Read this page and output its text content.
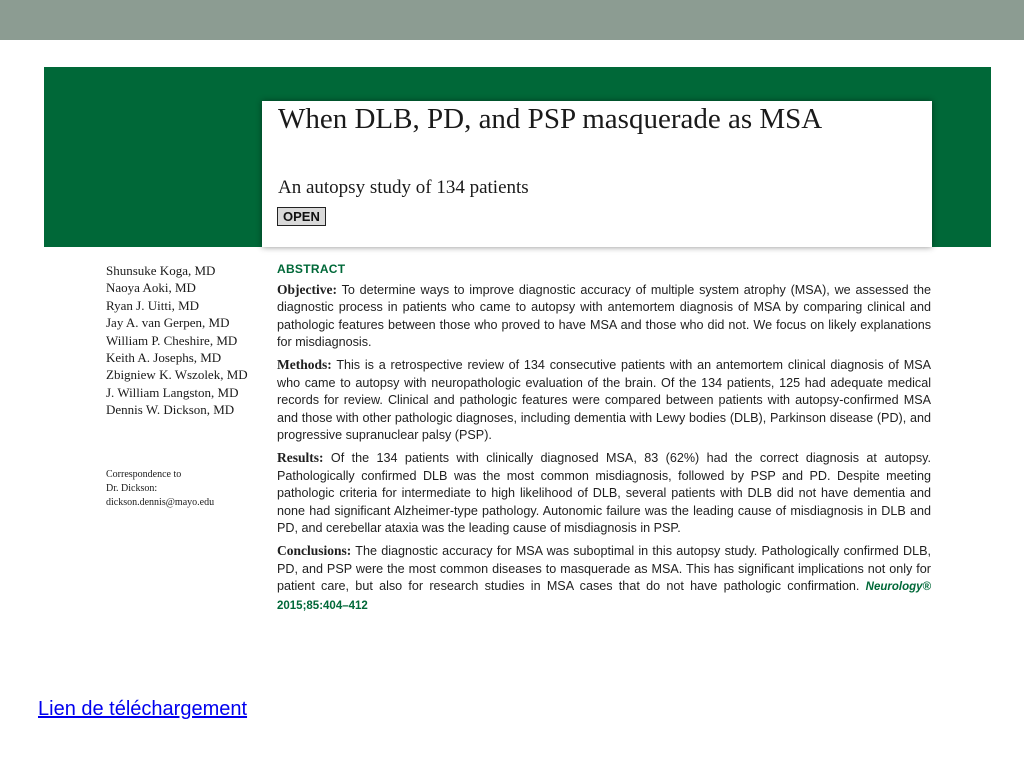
When DLB, PD, and PSP masquerade as MSA
An autopsy study of 134 patients
OPEN
Shunsuke Koga, MD
Naoya Aoki, MD
Ryan J. Uitti, MD
Jay A. van Gerpen, MD
William P. Cheshire, MD
Keith A. Josephs, MD
Zbigniew K. Wszolek, MD
J. William Langston, MD
Dennis W. Dickson, MD
Correspondence to
Dr. Dickson:
dickson.dennis@mayo.edu
ABSTRACT

Objective: To determine ways to improve diagnostic accuracy of multiple system atrophy (MSA), we assessed the diagnostic process in patients who came to autopsy with antemortem diagnosis of MSA by comparing clinical and pathologic features between those who proved to have MSA and those who did not. We focus on likely explanations for misdiagnosis.

Methods: This is a retrospective review of 134 consecutive patients with an antemortem clinical diagnosis of MSA who came to autopsy with neuropathologic evaluation of the brain. Of the 134 patients, 125 had adequate medical records for review. Clinical and pathologic features were compared between patients with autopsy-confirmed MSA and those with other pathologic diagnoses, including dementia with Lewy bodies (DLB), Parkinson disease (PD), and progressive supranuclear palsy (PSP).

Results: Of the 134 patients with clinically diagnosed MSA, 83 (62%) had the correct diagnosis at autopsy. Pathologically confirmed DLB was the most common misdiagnosis, followed by PSP and PD. Despite meeting pathologic criteria for intermediate to high likelihood of DLB, several patients with DLB did not have dementia and none had significant Alzheimer-type pathology. Autonomic failure was the leading cause of misdiagnosis in DLB and PD, and cerebellar ataxia was the leading cause of misdiagnosis in PSP.

Conclusions: The diagnostic accuracy for MSA was suboptimal in this autopsy study. Pathologically confirmed DLB, PD, and PSP were the most common diseases to masquerade as MSA. This has significant implications not only for patient care, but also for research studies in MSA cases that do not have pathologic confirmation. Neurology® 2015;85:404–412

Lien de téléchargement
